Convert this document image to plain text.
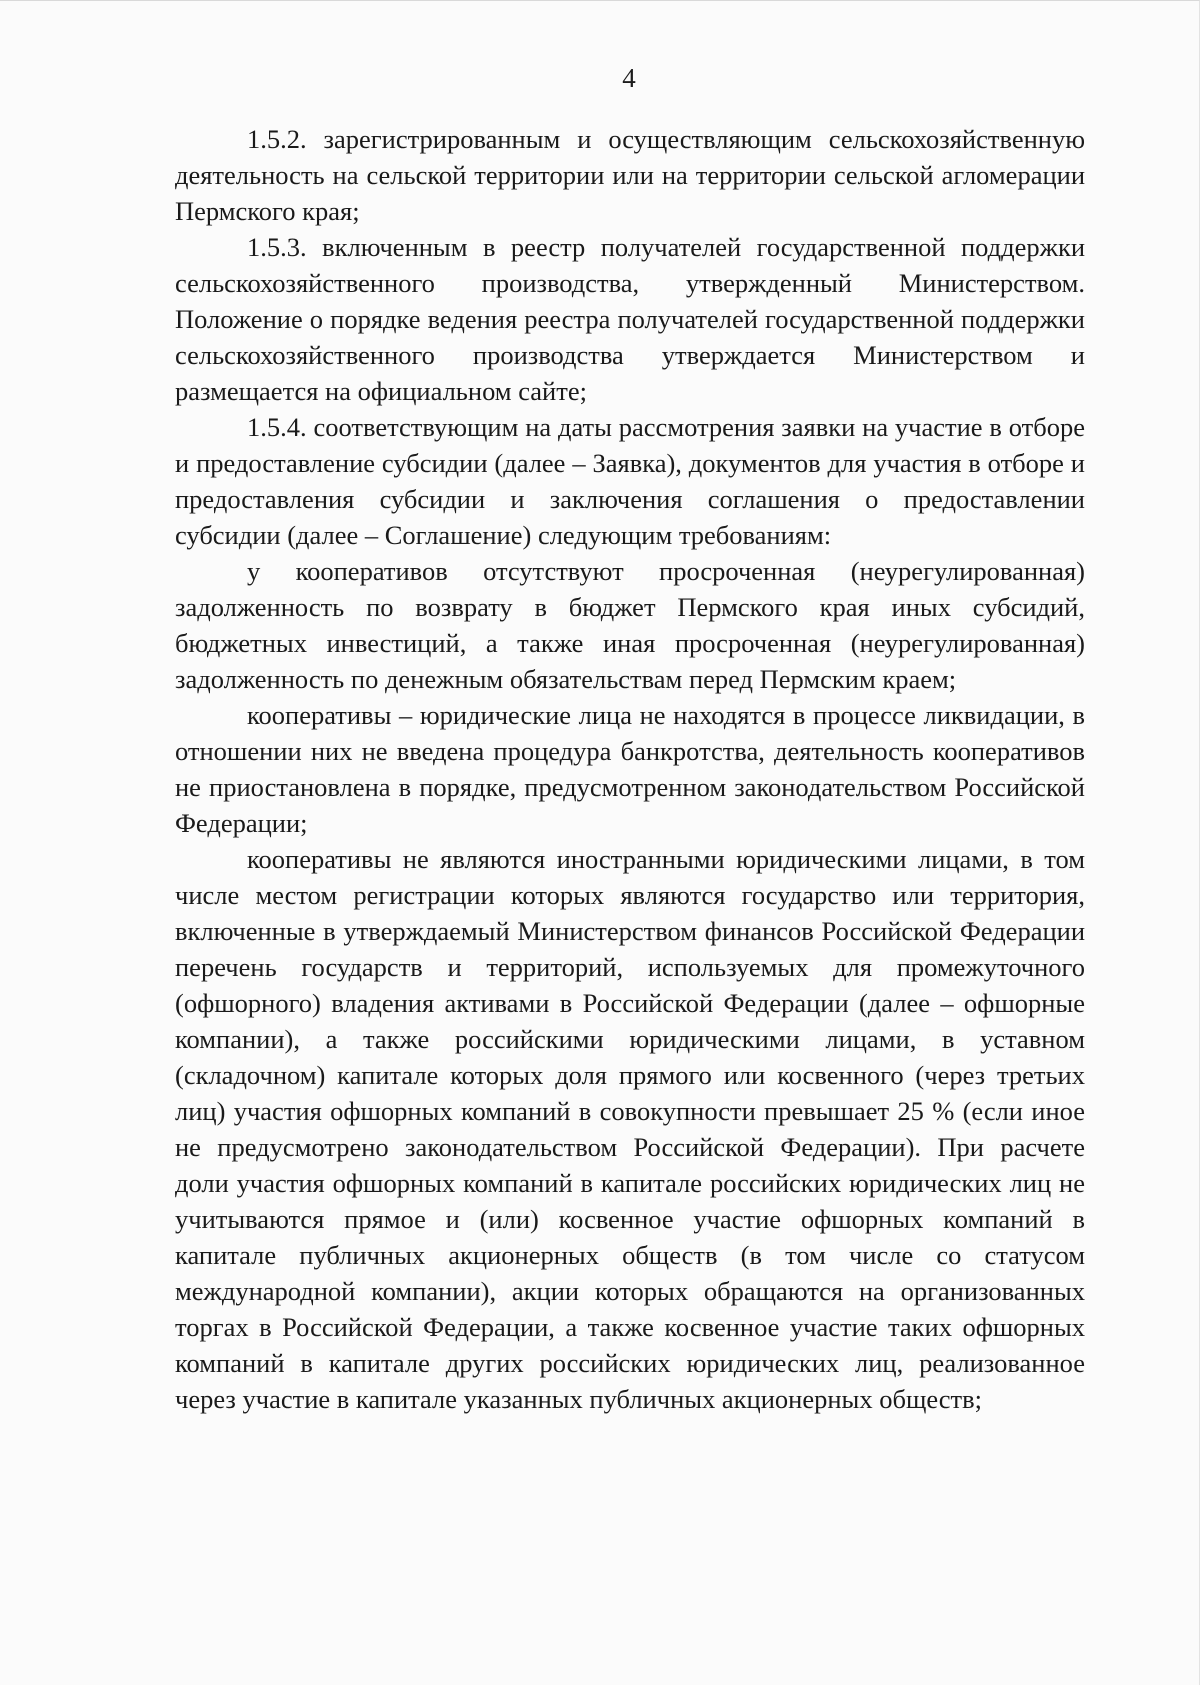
4

1.5.2. зарегистрированным и осуществляющим сельскохозяйственную деятельность на сельской территории или на территории сельской агломерации Пермского края;

1.5.3. включенным в реестр получателей государственной поддержки сельскохозяйственного производства, утвержденный Министерством. Положение о порядке ведения реестра получателей государственной поддержки сельскохозяйственного производства утверждается Министерством и размещается на официальном сайте;

1.5.4. соответствующим на даты рассмотрения заявки на участие в отборе и предоставление субсидии (далее – Заявка), документов для участия в отборе и предоставления субсидии и заключения соглашения о предоставлении субсидии (далее – Соглашение) следующим требованиям:

у кооперативов отсутствуют просроченная (неурегулированная) задолженность по возврату в бюджет Пермского края иных субсидий, бюджетных инвестиций, а также иная просроченная (неурегулированная) задолженность по денежным обязательствам перед Пермским краем;

кооперативы – юридические лица не находятся в процессе ликвидации, в отношении них не введена процедура банкротства, деятельность кооперативов не приостановлена в порядке, предусмотренном законодательством Российской Федерации;

кооперативы не являются иностранными юридическими лицами, в том числе местом регистрации которых являются государство или территория, включенные в утверждаемый Министерством финансов Российской Федерации перечень государств и территорий, используемых для промежуточного (офшорного) владения активами в Российской Федерации (далее – офшорные компании), а также российскими юридическими лицами, в уставном (складочном) капитале которых доля прямого или косвенного (через третьих лиц) участия офшорных компаний в совокупности превышает 25 % (если иное не предусмотрено законодательством Российской Федерации). При расчете доли участия офшорных компаний в капитале российских юридических лиц не учитываются прямое и (или) косвенное участие офшорных компаний в капитале публичных акционерных обществ (в том числе со статусом международной компании), акции которых обращаются на организованных торгах в Российской Федерации, а также косвенное участие таких офшорных компаний в капитале других российских юридических лиц, реализованное через участие в капитале указанных публичных акционерных обществ;
